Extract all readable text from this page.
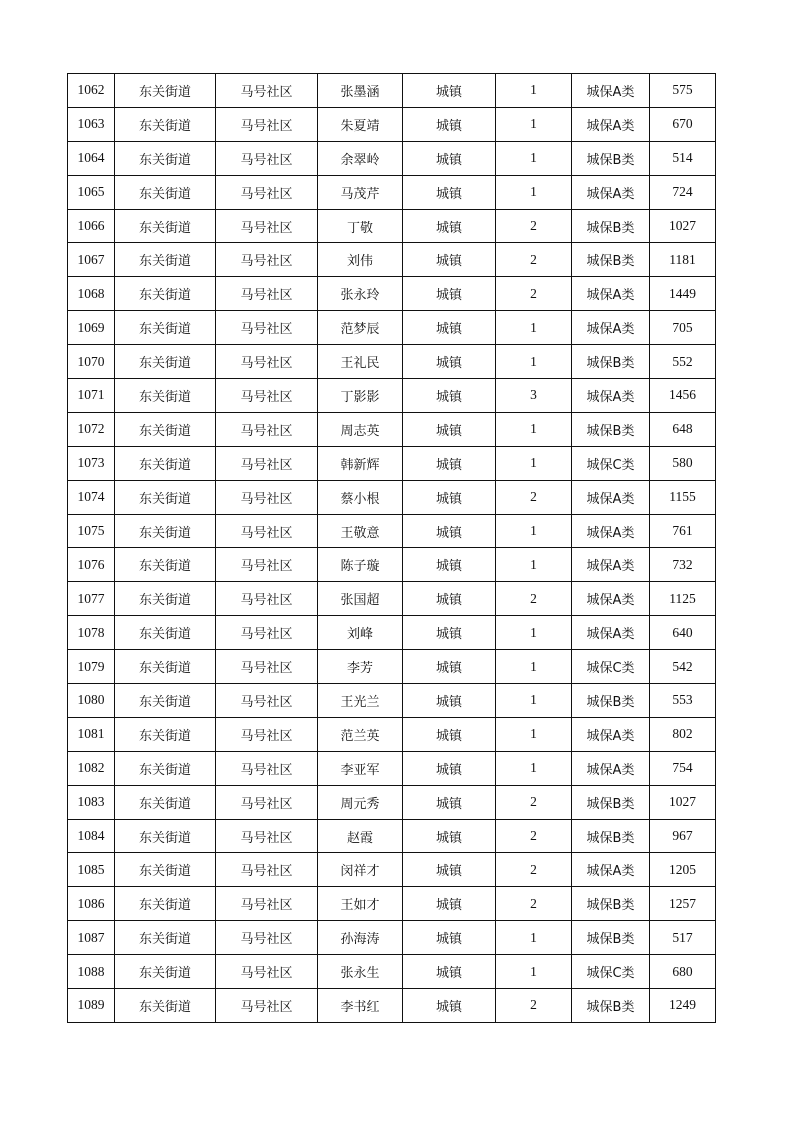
1062	东关街道	马号社区	张墨涵	城镇	1	城保A类	575
1063	东关街道	马号社区	朱夏靖	城镇	1	城保A类	670
1064	东关街道	马号社区	余翠岭	城镇	1	城保B类	514
1065	东关街道	马号社区	马茂芹	城镇	1	城保A类	724
1066	东关街道	马号社区	丁敬	城镇	2	城保B类	1027
1067	东关街道	马号社区	刘伟	城镇	2	城保B类	1181
1068	东关街道	马号社区	张永玲	城镇	2	城保A类	1449
1069	东关街道	马号社区	范梦辰	城镇	1	城保A类	705
1070	东关街道	马号社区	王礼民	城镇	1	城保B类	552
1071	东关街道	马号社区	丁影影	城镇	3	城保A类	1456
1072	东关街道	马号社区	周志英	城镇	1	城保B类	648
1073	东关街道	马号社区	韩新辉	城镇	1	城保C类	580
1074	东关街道	马号社区	蔡小根	城镇	2	城保A类	1155
1075	东关街道	马号社区	王敬意	城镇	1	城保A类	761
1076	东关街道	马号社区	陈子璇	城镇	1	城保A类	732
1077	东关街道	马号社区	张国超	城镇	2	城保A类	1125
1078	东关街道	马号社区	刘峰	城镇	1	城保A类	640
1079	东关街道	马号社区	李芳	城镇	1	城保C类	542
1080	东关街道	马号社区	王光兰	城镇	1	城保B类	553
1081	东关街道	马号社区	范兰英	城镇	1	城保A类	802
1082	东关街道	马号社区	李亚军	城镇	1	城保A类	754
1083	东关街道	马号社区	周元秀	城镇	2	城保B类	1027
1084	东关街道	马号社区	赵霞	城镇	2	城保B类	967
1085	东关街道	马号社区	闵祥才	城镇	2	城保A类	1205
1086	东关街道	马号社区	王如才	城镇	2	城保B类	1257
1087	东关街道	马号社区	孙海涛	城镇	1	城保B类	517
1088	东关街道	马号社区	张永生	城镇	1	城保C类	680
1089	东关街道	马号社区	李书红	城镇	2	城保B类	1249
